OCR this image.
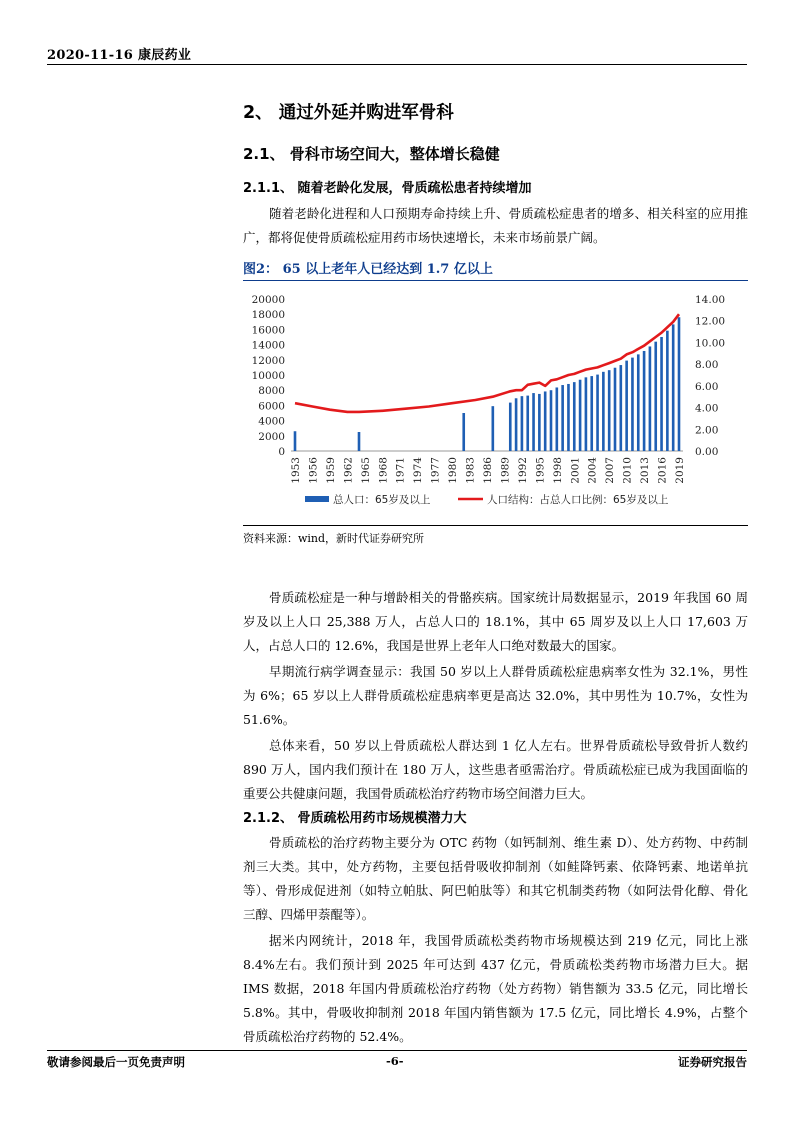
2020-11-16 康辰药业
2、 通过外延并购进军骨科
2.1、 骨科市场空间大，整体增长稳健
2.1.1、 随着老龄化发展，骨质疏松患者持续增加

随着老龄化进程和人口预期寿命持续上升、骨质疏松症患者的增多、相关科室的应用推广，都将促使骨质疏松症用药市场快速增长，未来市场前景广阔。

图2： 65 以上老年人已经达到 1.7 亿以上
0
2000
4000
6000
8000
10000
12000
14000
16000
18000
20000
0.00
2.00
4.00
6.00
8.00
10.00
12.00
14.00
1953 1956 1959 1962 1965 1968 1971 1974 1977 1980 1983 1986 1989 1992 1995 1998 2001 2004 2007 2010 2013 2016 2019
总人口：65岁及以上	人口结构：占总人口比例：65岁及以上
资料来源：wind，新时代证券研究所

骨质疏松症是一种与增龄相关的骨骼疾病。国家统计局数据显示，2019 年我国 60 周岁及以上人口 25,388 万人，占总人口的 18.1%，其中 65 周岁及以上人口 17,603 万人，占总人口的 12.6%，我国是世界上老年人口绝对数最大的国家。

早期流行病学调查显示：我国 50 岁以上人群骨质疏松症患病率女性为 32.1%，男性为 6%；65 岁以上人群骨质疏松症患病率更是高达 32.0%，其中男性为 10.7%，女性为 51.6%。

总体来看，50 岁以上骨质疏松人群达到 1 亿人左右。世界骨质疏松导致骨折人数约 890 万人，国内我们预计在 180 万人，这些患者亟需治疗。骨质疏松症已成为我国面临的重要公共健康问题，我国骨质疏松治疗药物市场空间潜力巨大。

2.1.2、 骨质疏松用药市场规模潜力大

骨质疏松的治疗药物主要分为 OTC 药物（如钙制剂、维生素 D）、处方药物、中药制剂三大类。其中，处方药物，主要包括骨吸收抑制剂（如鲑降钙素、依降钙素、地诺单抗等）、骨形成促进剂（如特立帕肽、阿巴帕肽等）和其它机制类药物（如阿法骨化醇、骨化三醇、四烯甲萘醌等）。

据米内网统计，2018 年，我国骨质疏松类药物市场规模达到 219 亿元，同比上涨 8.4%左右。我们预计到 2025 年可达到 437 亿元，骨质疏松类药物市场潜力巨大。据 IMS 数据，2018 年国内骨质疏松治疗药物（处方药物）销售额为 33.5 亿元，同比增长 5.8%。其中，骨吸收抑制剂 2018 年国内销售额为 17.5 亿元，同比增长 4.9%，占整个骨质疏松治疗药物的 52.4%。

敬请参阅最后一页免责声明	-6-	证券研究报告
